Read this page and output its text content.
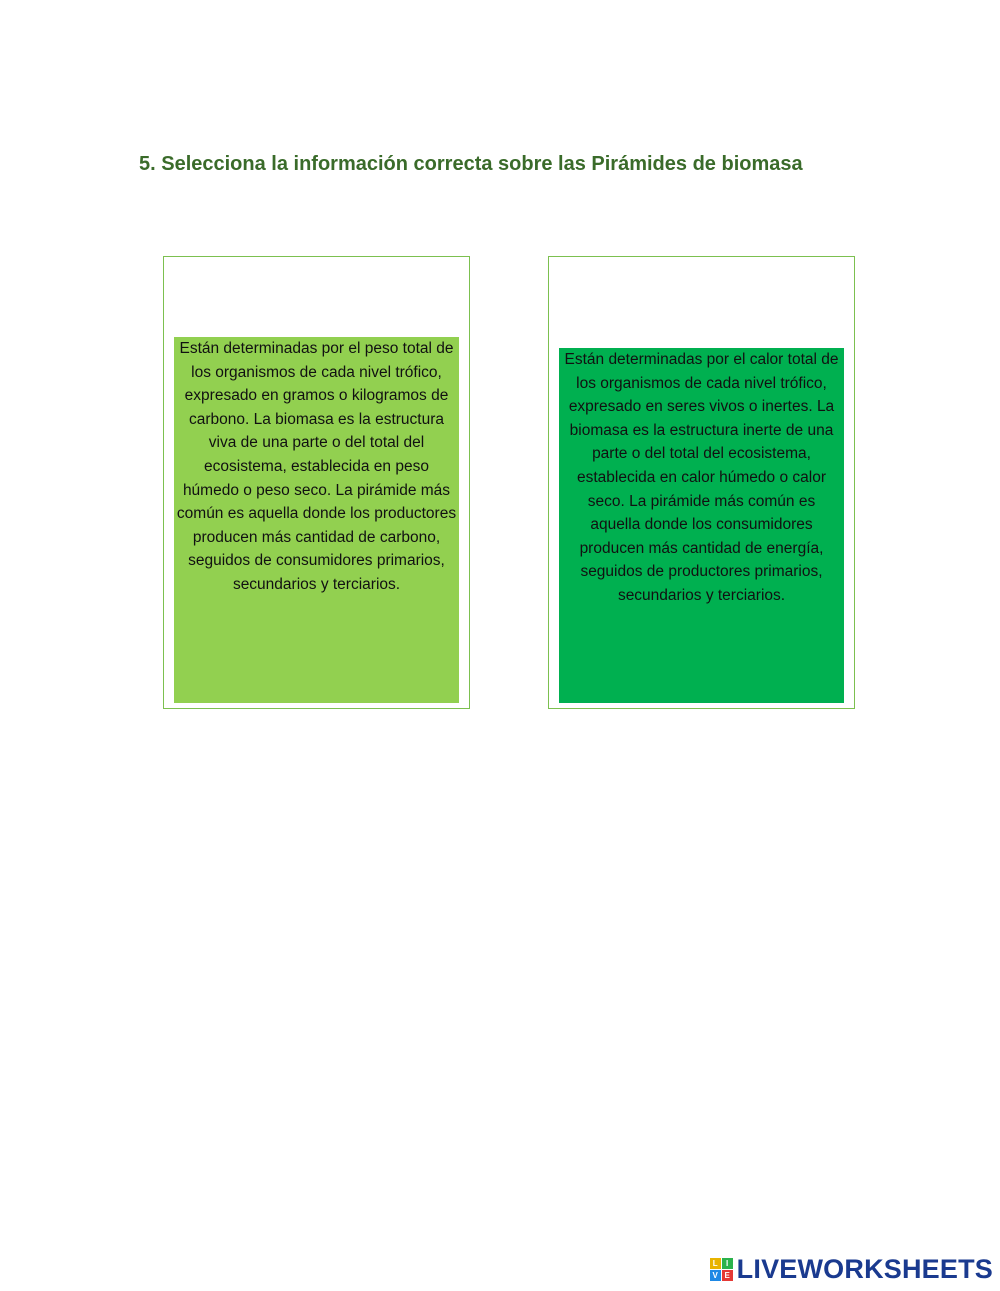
5. Selecciona la información correcta sobre las Pirámides de biomasa

Están determinadas por el peso total de los organismos de cada nivel trófico, expresado en gramos o kilogramos de carbono. La biomasa es la estructura viva de una parte o del total del ecosistema, establecida en peso húmedo o peso seco. La pirámide más común es aquella donde los productores producen más cantidad de carbono, seguidos de consumidores primarios, secundarios y terciarios.

Están determinadas por el calor total de los organismos de cada nivel trófico, expresado en seres vivos o inertes. La biomasa es la estructura inerte de una parte o del total del ecosistema, establecida en calor húmedo o calor seco. La pirámide más común es aquella donde los consumidores producen más cantidad de energía, seguidos de productores primarios, secundarios y terciarios.

L	I
V E LIVEWORKSHEETS
